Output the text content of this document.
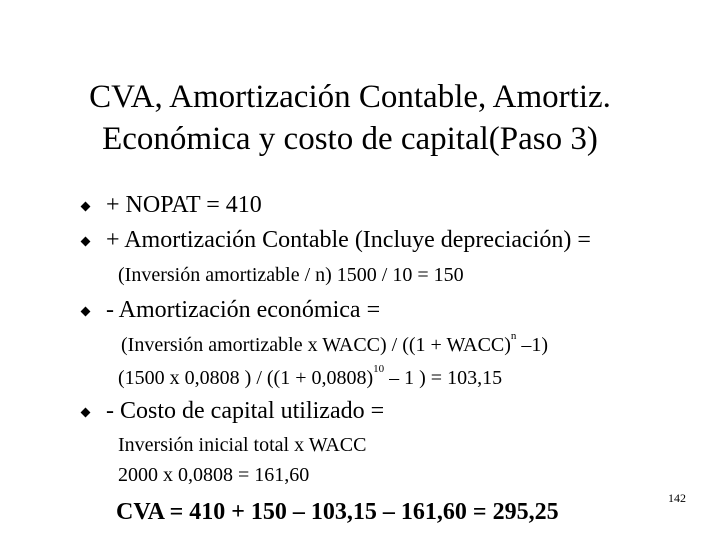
CVA, Amortización Contable, Amortiz.
Económica y costo de capital(Paso 3)
+ NOPAT = 410
+ Amortización Contable (Incluye depreciación) =
(Inversión amortizable / n) 1500 / 10 = 150
- Amortización económica =
(Inversión amortizable x WACC) / ((1 + WACC)$^n$ –1)
(1500 x 0,0808 ) / ($(1 + 0,0808)^{10} - 1$ ) = 103,15
- Costo de capital utilizado =
Inversión inicial total x WACC
2000 x 0,0808 = 161,60
CVA = 410 + 150 – 103,15 – 161,60 = 295,25
142
